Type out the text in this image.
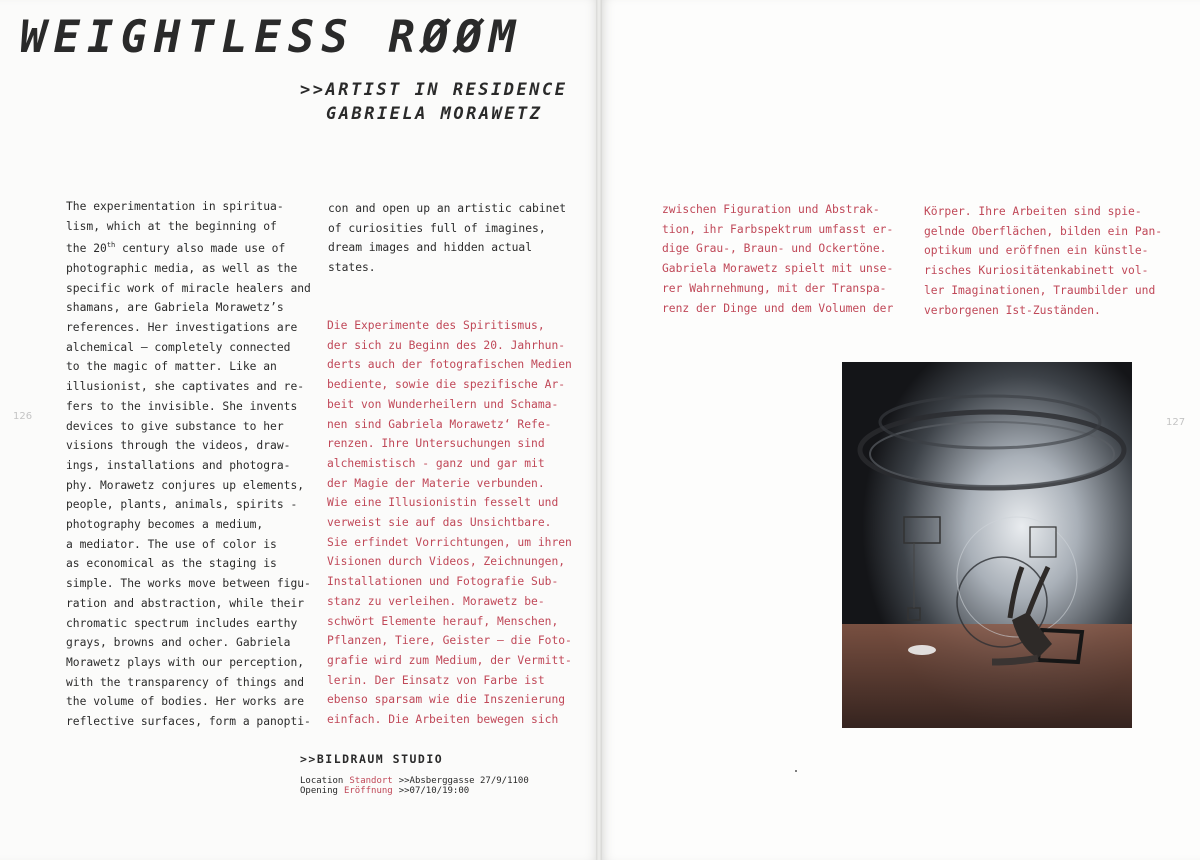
WEIGHTLESS RØØM
>>ARTIST IN RESIDENCE
GABRIELA MORAWETZ
The experimentation in spiritua-
lism, which at the beginning of
the 20th century also made use of
photographic media, as well as the
specific work of miracle healers and
shamans, are Gabriela Morawetz’s
references. Her investigations are
alchemical – completely connected
to the magic of matter. Like an
illusionist, she captivates and re-
fers to the invisible. She invents
devices to give substance to her
visions through the videos, draw-
ings, installations and photogra-
phy. Morawetz conjures up elements,
people, plants, animals, spirits -
photography becomes a medium,
a mediator. The use of color is
as economical as the staging is
simple. The works move between figu-
ration and abstraction, while their
chromatic spectrum includes earthy
grays, browns and ocher. Gabriela
Morawetz plays with our perception,
with the transparency of things and
the volume of bodies. Her works are
reflective surfaces, form a panopti-
con and open up an artistic cabinet
of curiosities full of imagines,
dream images and hidden actual
states.
Die Experimente des Spiritismus,
der sich zu Beginn des 20. Jahrhun-
derts auch der fotografischen Medien
bediente, sowie die spezifische Ar-
beit von Wunderheilern und Schama-
nen sind Gabriela Morawetz‘ Refe-
renzen. Ihre Untersuchungen sind
alchemistisch - ganz und gar mit
der Magie der Materie verbunden.
Wie eine Illusionistin fesselt und
verweist sie auf das Unsichtbare.
Sie erfindet Vorrichtungen, um ihren
Visionen durch Videos, Zeichnungen,
Installationen und Fotografie Sub-
stanz zu verleihen. Morawetz be-
schwört Elemente herauf, Menschen,
Pflanzen, Tiere, Geister – die Foto-
grafie wird zum Medium, der Vermitt-
lerin. Der Einsatz von Farbe ist
ebenso sparsam wie die Inszenierung
einfach. Die Arbeiten bewegen sich
zwischen Figuration und Abstrak-
tion, ihr Farbspektrum umfasst er-
dige Grau-, Braun- und Ockertöne.
Gabriela Morawetz spielt mit unse-
rer Wahrnehmung, mit der Transpa-
renz der Dinge und dem Volumen der
Körper. Ihre Arbeiten sind spie-
gelnde Oberflächen, bilden ein Pan-
optikum und eröffnen ein künstle-
risches Kuriositätenkabinett vol-
ler Imaginationen, Traumbilder und
verborgenen Ist-Zuständen.
126
127
>>BILDRAUM STUDIO
Location Standort >>Absberggasse 27/9/1100
Opening Eröffnung >>07/10/19:00
